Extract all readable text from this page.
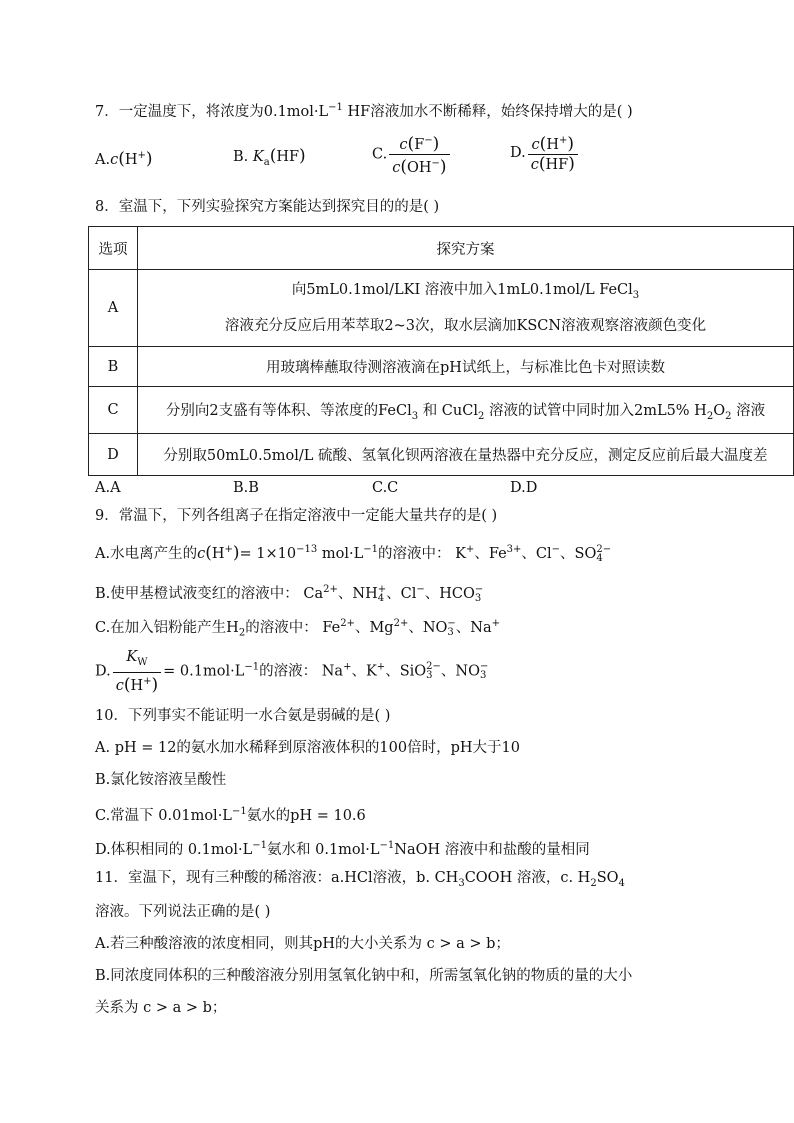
7．一定温度下，将浓度为$0.1mol\cdot L^{-1}$ HF溶液加水不断稀释，始终保持增大的是( )
A.c(H+)	B. $K_a(HF)$	C. $\frac{c(F^-)}{c(OH^-)}$	D. $\frac{c(H^+)}{c(HF)}$
8．室温下，下列实验探究方案能达到探究目的的是( )
选项	探究方案
A	向5mL0.1mol/LKI 溶液中加入1mL0.1mol/L FeCl$_3$
溶液充分反应后用苯萃取2~3次，取水层滴加KSCN溶液观察溶液颜色变化

B	用玻璃棒蘸取待测溶液滴在pH试纸上，与标准比色卡对照读数
C	分别向2支盛有等体积、等浓度的FeCl$_3$ 和 CuCl$_2$ 溶液的试管中同时加入2mL5% $H_2O_2$ 溶液
D	分别取50mL0.5mol/L 硫酸、氢氧化钡两溶液在量热器中充分反应，测定反应前后最大温度差
A.A	B.B	C.C	D.D
9．常温下，下列各组离子在指定溶液中一定能大量共存的是( )
A.水电离产生的$c(H^+)= 1\times 10^{-13}$ $mol\cdot L^{-1}$的溶液中： K+、$Fe^{3+}$、Cl−、SO 2−
4
B.使甲基橙试液变红的溶液中： $Ca^{2+}$、NH +
4 、Cl−、HCO −
3
C.在加入铝粉能产生$H_2$的溶液中： $Fe^{2+}$、$Mg^{2+}$、NO −
3 、Na+
D. $\frac{K_W}{c(H^+)} = 0.1mol\cdot L^{-1}$的溶液： Na+、K+、SiO 2−
3 、NO −
3
10．下列事实不能证明一水合氨是弱碱的是( )
A. pH = 12的氨水加水稀释到原溶液体积的100倍时，pH大于10
B.氯化铵溶液呈酸性
C.常温下 $0.01mol\cdot L^{-1}$氨水的pH = 10.6
D.体积相同的 $0.1mol\cdot L^{-1}$氨水和 $0.1mol\cdot L^{-1}NaOH$ 溶液中和盐酸的量相同
11．室温下，现有三种酸的稀溶液：a.HCl溶液，b. $CH_3COOH$ 溶液，c. $H_2SO_4$
溶液。下列说法正确的是( )
A.若三种酸溶液的浓度相同，则其pH的大小关系为 c > a > b；
B.同浓度同体积的三种酸溶液分别用氢氧化钠中和，所需氢氧化钠的物质的量的大小
关系为 c > a > b；
